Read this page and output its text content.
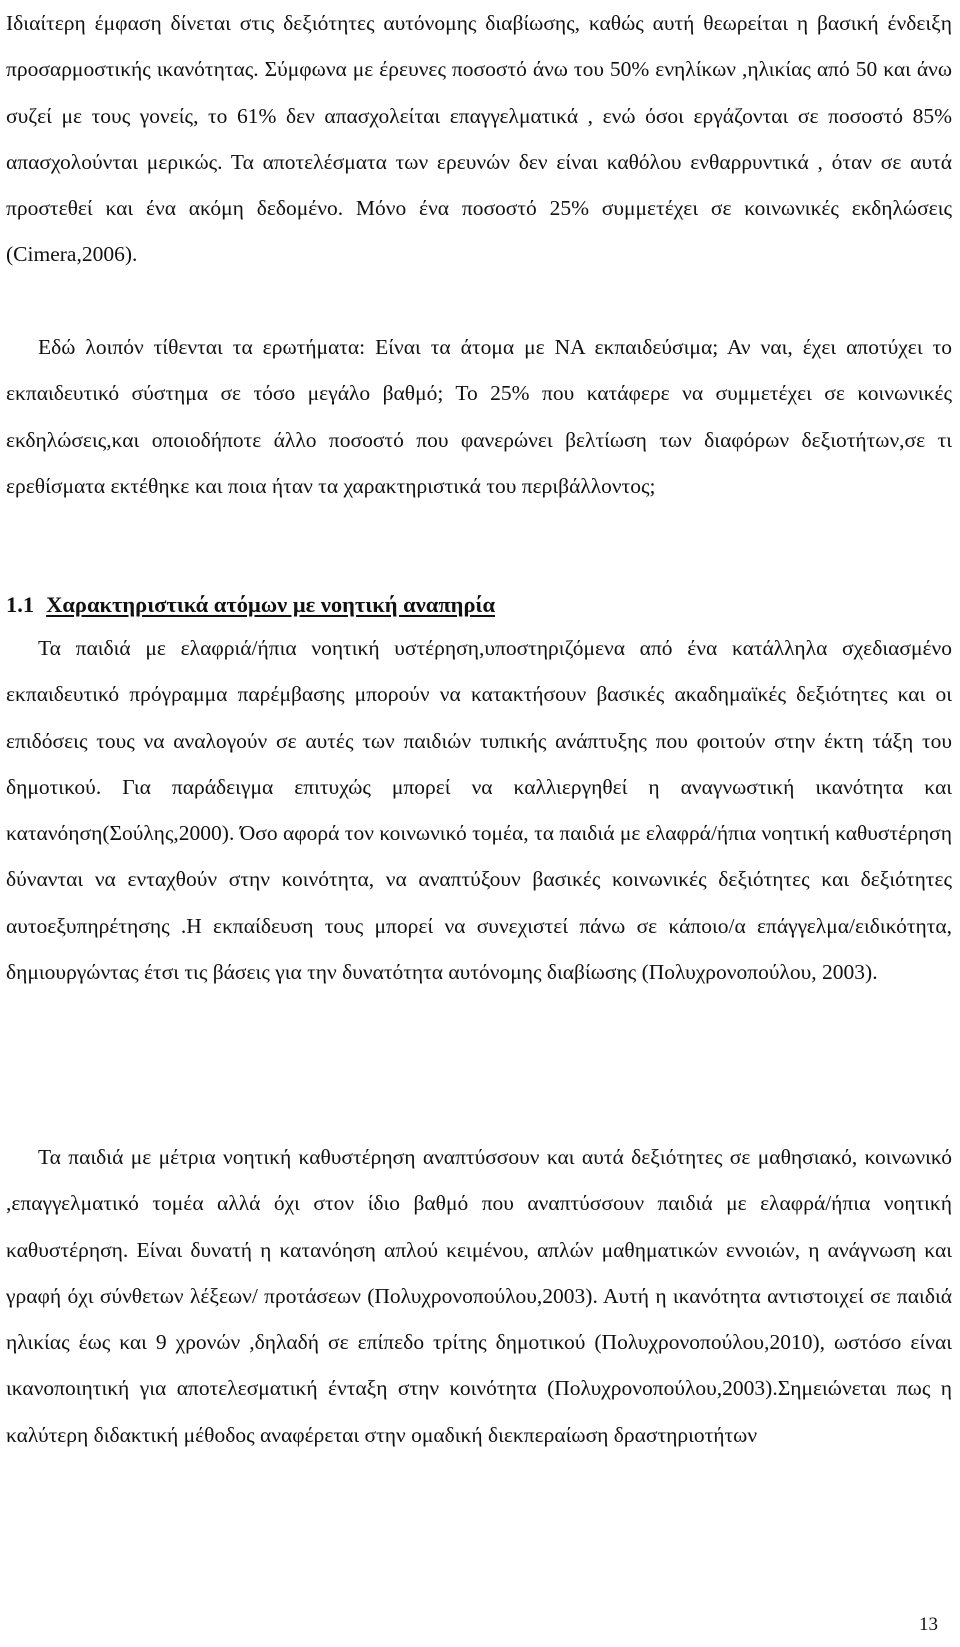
Ιδιαίτερη έμφαση δίνεται στις δεξιότητες αυτόνομης διαβίωσης, καθώς αυτή θεωρείται η βασική ένδειξη προσαρμοστικής ικανότητας. Σύμφωνα με έρευνες ποσοστό άνω του 50% ενηλίκων ,ηλικίας από 50 και άνω συζεί με τους γονείς, το 61% δεν απασχολείται επαγγελματικά , ενώ όσοι εργάζονται σε ποσοστό 85% απασχολούνται μερικώς. Τα αποτελέσματα των ερευνών δεν είναι καθόλου ενθαρρυντικά , όταν σε αυτά προστεθεί και ένα ακόμη δεδομένο. Μόνο ένα ποσοστό 25% συμμετέχει σε κοινωνικές εκδηλώσεις (Cimera,2006).

Εδώ λοιπόν τίθενται τα ερωτήματα: Είναι τα άτομα με ΝΑ εκπαιδεύσιμα; Αν ναι, έχει αποτύχει το εκπαιδευτικό σύστημα σε τόσο μεγάλο βαθμό; Το 25% που κατάφερε να συμμετέχει σε κοινωνικές εκδηλώσεις,και οποιοδήποτε άλλο ποσοστό που φανερώνει βελτίωση των διαφόρων δεξιοτήτων,σε τι ερεθίσματα εκτέθηκε και ποια ήταν τα χαρακτηριστικά του περιβάλλοντος;

1.1 Χαρακτηριστικά ατόμων με νοητική αναπηρία

Τα παιδιά με ελαφριά/ήπια νοητική υστέρηση,υποστηριζόμενα από ένα κατάλληλα σχεδιασμένο εκπαιδευτικό πρόγραμμα παρέμβασης μπορούν να κατακτήσουν βασικές ακαδημαϊκές δεξιότητες και οι επιδόσεις τους να αναλογούν σε αυτές των παιδιών τυπικής ανάπτυξης που φοιτούν στην έκτη τάξη του δημοτικού. Για παράδειγμα επιτυχώς μπορεί να καλλιεργηθεί η αναγνωστική ικανότητα και κατανόηση(Σούλης,2000). Όσο αφορά τον κοινωνικό τομέα, τα παιδιά με ελαφρά/ήπια νοητική καθυστέρηση δύνανται να ενταχθούν στην κοινότητα, να αναπτύξουν βασικές κοινωνικές δεξιότητες και δεξιότητες αυτοεξυπηρέτησης .Η εκπαίδευση τους μπορεί να συνεχιστεί πάνω σε κάποιο/α επάγγελμα/ειδικότητα, δημιουργώντας έτσι τις βάσεις για την δυνατότητα αυτόνομης διαβίωσης (Πολυχρονοπούλου, 2003).

Τα παιδιά με μέτρια νοητική καθυστέρηση αναπτύσσουν και αυτά δεξιότητες σε μαθησιακό, κοινωνικό ,επαγγελματικό τομέα αλλά όχι στον ίδιο βαθμό που αναπτύσσουν παιδιά με ελαφρά/ήπια νοητική καθυστέρηση. Είναι δυνατή η κατανόηση απλού κειμένου, απλών μαθηματικών εννοιών, η ανάγνωση και γραφή όχι σύνθετων λέξεων/ προτάσεων (Πολυχρονοπούλου,2003). Αυτή η ικανότητα αντιστοιχεί σε παιδιά ηλικίας έως και 9 χρονών ,δηλαδή σε επίπεδο τρίτης δημοτικού (Πολυχρονοπούλου,2010), ωστόσο είναι ικανοποιητική για αποτελεσματική ένταξη στην κοινότητα (Πολυχρονοπούλου,2003).Σημειώνεται πως η καλύτερη διδακτική μέθοδος αναφέρεται στην ομαδική διεκπεραίωση δραστηριοτήτων

13
